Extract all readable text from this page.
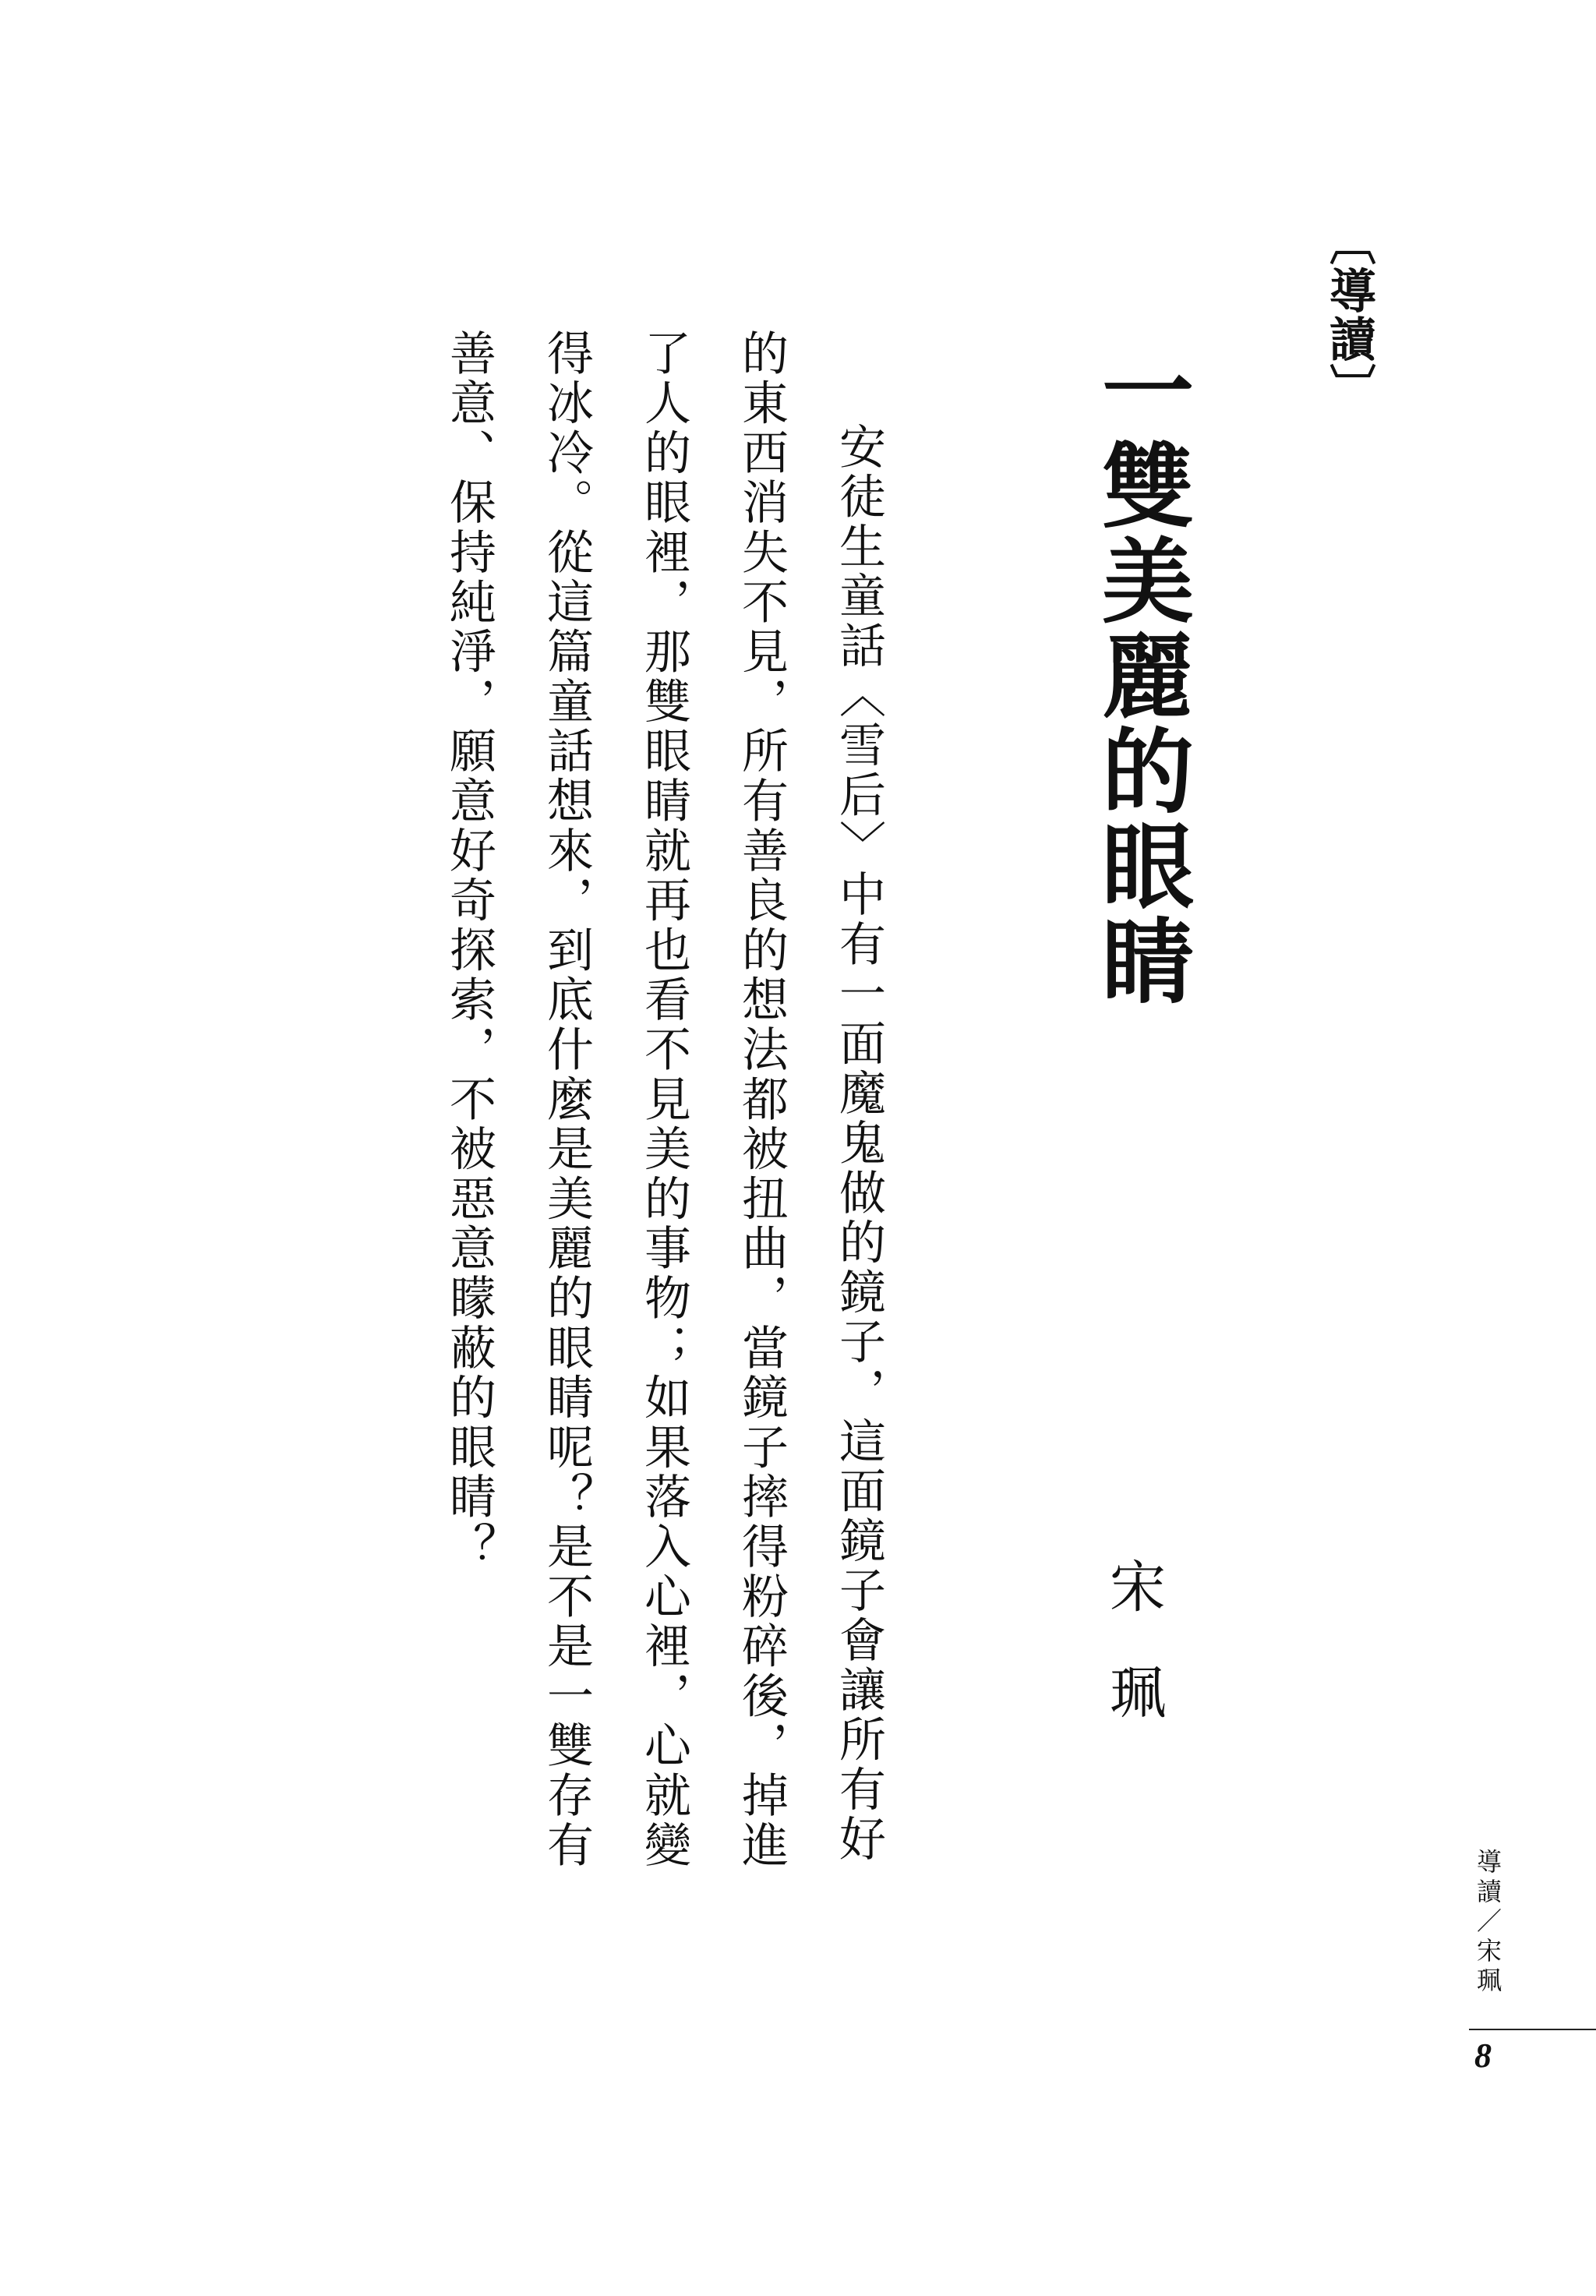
〔導讀〕
一雙美麗的眼睛
宋珮
安徒生童話〈雪后〉中有一面魔鬼做的鏡子，這面鏡子會讓所有好的東西消失不見，所有善良的想法都被扭曲，當鏡子摔得粉碎後，掉進了人的眼裡，那雙眼睛就再也看不見美的事物；如果落入心裡，心就變得冰冷。從這篇童話想來，到底什麼是美麗的眼睛呢？是不是一雙存有善意、保持純淨，願意好奇探索，不被惡意矇蔽的眼睛？
導讀／宋珮
8
